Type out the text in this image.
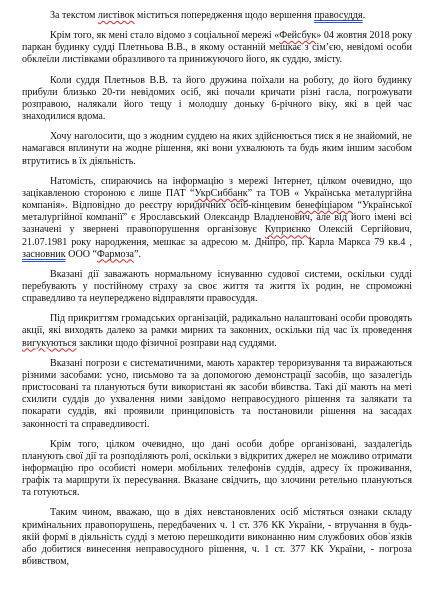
За текстом листівок міститься попередження щодо вершення правосуддя.

Крім того, як мені стало відомо з соціальної мережі «Фейсбук» 04 жовтня 2018 року паркан будинку судді Плетньова В.В., в якому останній мешкає з сім’єю, невідомі особи обклеїли листівками образливого та принижуючого його, як суддю, змісту.

Коли суддя Плетньов В.В. та його дружина поїхали на роботу, до його будинку прибули близько 20-ти невідомих осіб, які почали кричати різні гасла, погрожувати розправою, налякали його тещу і молодшу доньку 6-річного віку, які в цей час знаходилися вдома.

Хочу наголосити, що з жодним суддею на яких здійснюється тиск я не знайомий, не намагався вплинути на жодне рішення, які вони ухвалюють та будь яким іншим засобом втрутитись в їх діяльність.

Натомість, спираючись на інформацію з мережі Інтернет, цілком очевидно, що зацікавленою стороною є лише ПАТ “УкрСиббанк” та ТОВ « Українська металургійна компанія». Відповідно до реєстру юридичних осіб-кінцевим бенефіціаром “Української металургійної компанії” є Ярославський Олександр Владленович, але від його імені всі зазначені у звернені правопорушення організовує Куприєнко Олексій Сергійович, 21.07.1981 року народження, мешкає за адресою м. Дніпро, пр. Карла Маркса 79 кв.4 , засновник ООО “Фармоза”.

Вказані дії заважають нормальному існуванню судової системи, оскільки судді перебувають у постійному страху за своє життя та життя їх родин, не спроможні справедливо та неупереджено відправляти правосуддя.

Під прикриттям громадських організацій, радикально налаштовані особи проводять акції, які виходять далеко за рамки мирних та законних, оскільки під час їх проведення вигукуються заклики щодо фізичної розправи над суддями.

Вказані погрози є систематичними, мають характер тероризування та виражаються різними засобами: усно, письмово та за допомогою демонстрації засобів, що зазалегідь пристосовані та плануються бути використані як засоби вбивства. Такі дії мають на меті схилити суддів до ухвалення ними завідомо неправосудного рішення та залякати та покарати суддів, які проявили принциповість та постановили рішення на засадах законності та справедливості.

Крім того, цілком очевидно, що дані особи добре організовані, заздалегідь планують свої дії та розподіляють ролі, оскільки з відкритих джерел не можливо отримати інформацію про особисті номери мобільних телефонів суддів, адресу їх проживання, графік та маршрути їх пересування. Вказане свідчить, що злочини ретельно плануються та готуються.

Таким чином, вважаю, що в діях невстановлених осіб містяться ознаки складу кримінальних правопорушень, передбачених ч. 1 ст. 376 КК України, - втручання в будь-якій формі в діяльність судді з метою перешкодити виконанню ним службових обов`язків або добитися винесення неправосудного рішення, ч. 1 ст. 377 КК України, - погроза вбивством,
